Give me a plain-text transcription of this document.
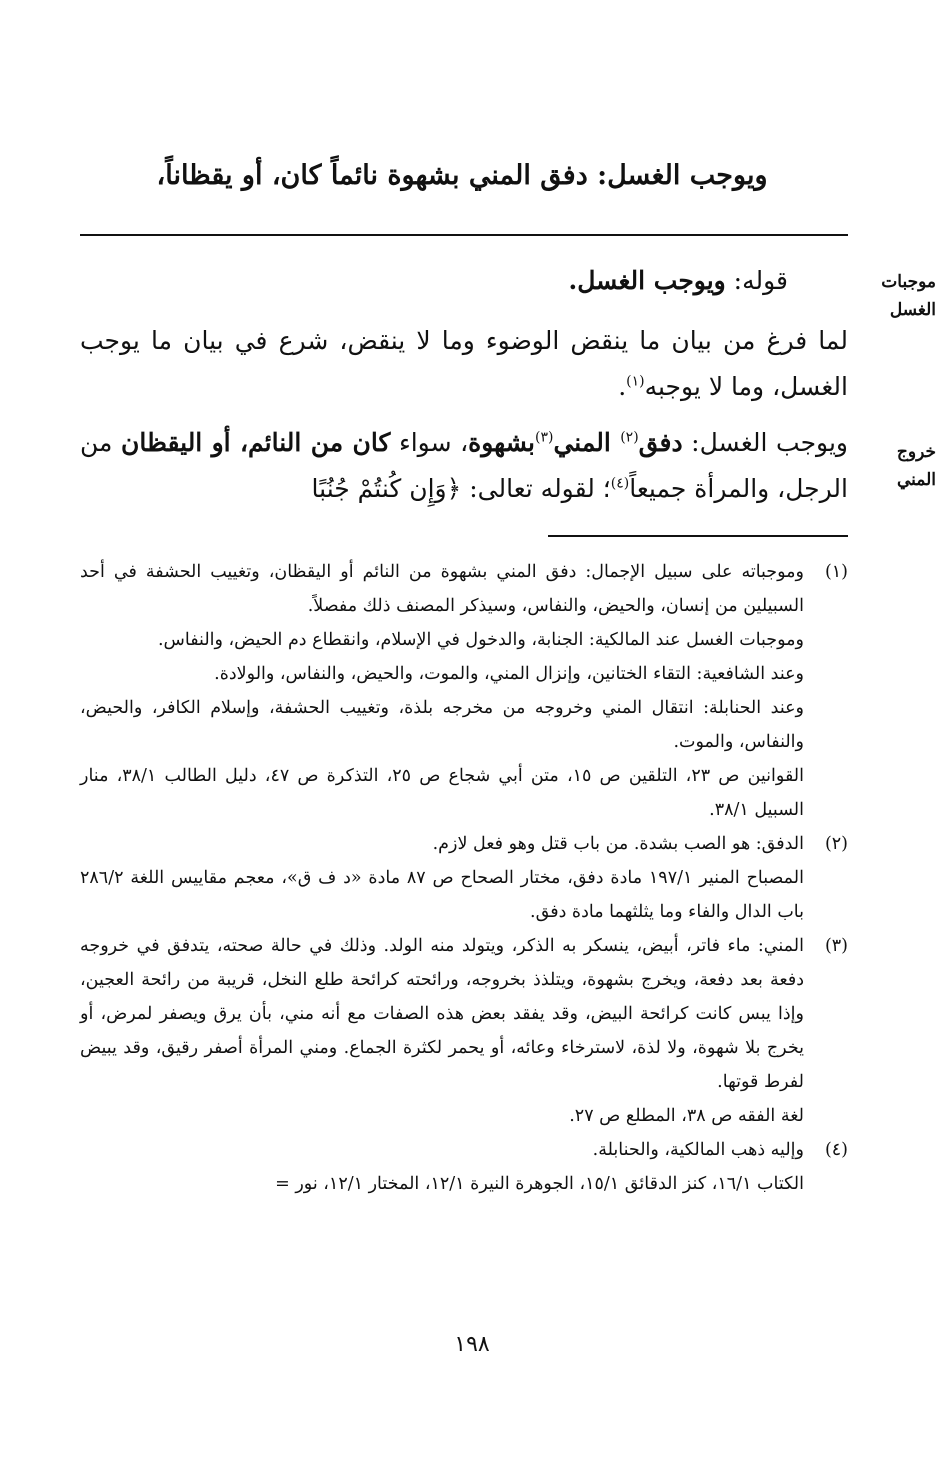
ويوجب الغسل: دفق المني بشهوة نائماً كان، أو يقظاناً،
موجبات الغسل
خروج المني
قوله: ويوجب الغسل.
لما فرغ من بيان ما ينقض الوضوء وما لا ينقض، شرع في بيان ما يوجب الغسل، وما لا يوجبه$^{(١)}$.
ويوجب الغسل: دفق$^{(٢)}$ المني$^{(٣)}$بشهوة، سواء كان من النائم، أو اليقظان من الرجل، والمرأة جميعاً$^{(٤)}$؛ لقوله تعالى: ﴿وَإِن كُنتُمْ جُنُبًا
(١)
وموجباته على سبيل الإجمال: دفق المني بشهوة من النائم أو اليقظان، وتغييب الحشفة في أحد السبيلين من إنسان، والحيض، والنفاس، وسيذكر المصنف ذلك مفصلاً.
وموجبات الغسل عند المالكية: الجنابة، والدخول في الإسلام، وانقطاع دم الحيض، والنفاس.
وعند الشافعية: التقاء الختانين، وإنزال المني، والموت، والحيض، والنفاس، والولادة.
وعند الحنابلة: انتقال المني وخروجه من مخرجه بلذة، وتغييب الحشفة، وإسلام الكافر، والحيض، والنفاس، والموت.
القوانين ص ٢٣، التلقين ص ١٥، متن أبي شجاع ص ٢٥، التذكرة ص ٤٧، دليل الطالب ٣٨/١، منار السبيل ٣٨/١.
(٢)
الدفق: هو الصب بشدة. من باب قتل وهو فعل لازم.
المصباح المنير ١٩٧/١ مادة دفق، مختار الصحاح ص ٨٧ مادة «د ف ق»، معجم مقاييس اللغة ٢٨٦/٢ باب الدال والفاء وما يثلثهما مادة دفق.
(٣)
المني: ماء فاتر، أبيض، ينسكر به الذكر، ويتولد منه الولد. وذلك في حالة صحته، يتدفق في خروجه دفعة بعد دفعة، ويخرج بشهوة، ويتلذذ بخروجه، ورائحته كرائحة طلع النخل، قريبة من رائحة العجين، وإذا يبس كانت كرائحة البيض، وقد يفقد بعض هذه الصفات مع أنه مني، بأن يرق ويصفر لمرض، أو يخرج بلا شهوة، ولا لذة، لاسترخاء وعائه، أو يحمر لكثرة الجماع. ومني المرأة أصفر رقيق، وقد يبيض لفرط قوتها.
لغة الفقه ص ٣٨، المطلع ص ٢٧.
(٤)
وإليه ذهب المالكية، والحنابلة.
الكتاب ١٦/١، كنز الدقائق ١٥/١، الجوهرة النيرة ١٢/١، المختار ١٢/١، نور =
١٩٨
